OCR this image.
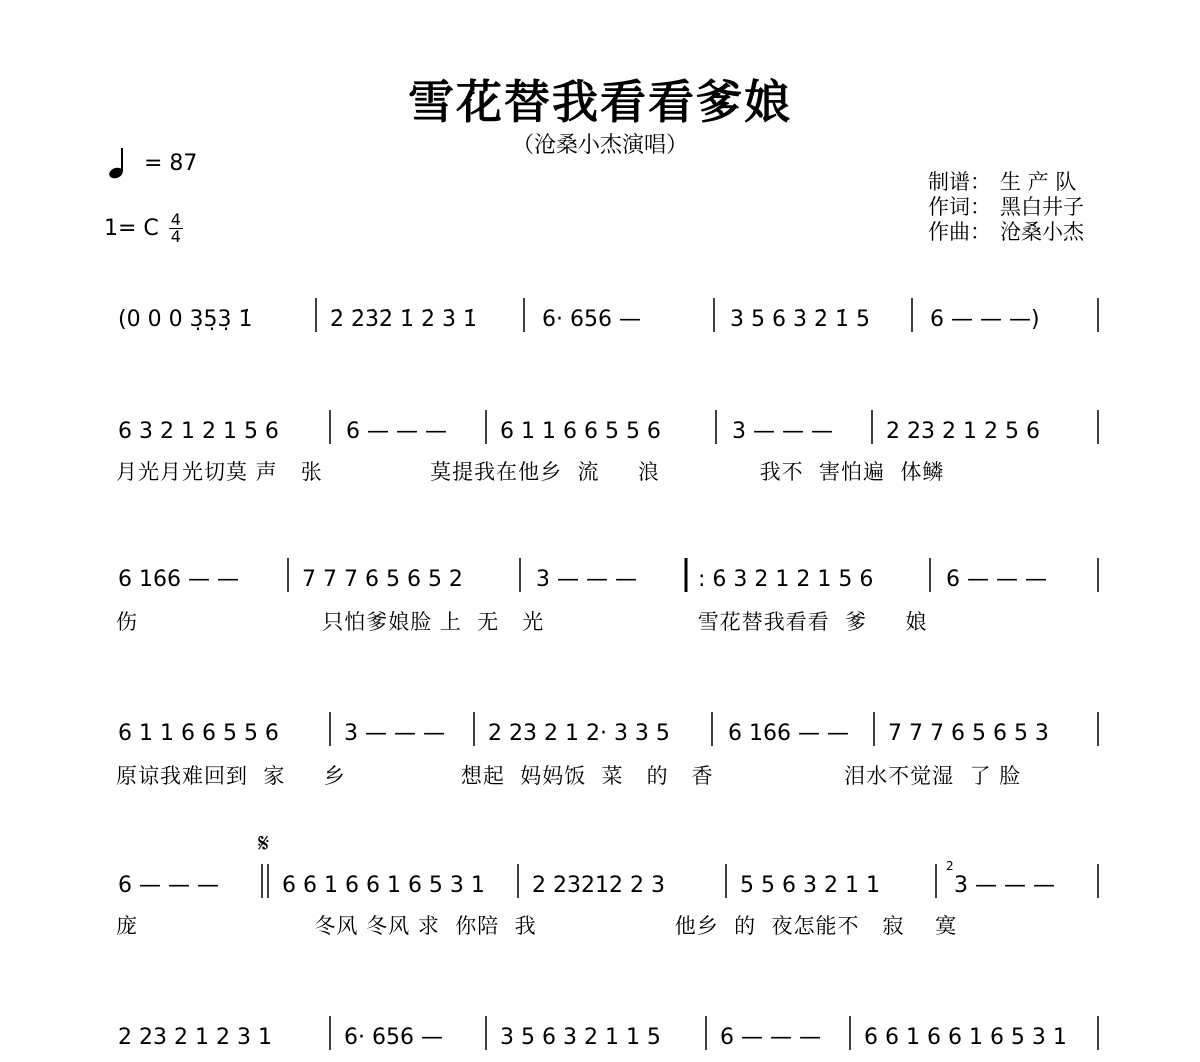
雪花替我看看爹娘
（沧桑小杰演唱）
= 87
1= C 4
4
制谱： 生 产 队
作词： 黑白井子
作曲： 沧桑小杰
(0 0 0 3̣5̣3̣ 1̇	2̇ 2̇3̇2̇ 1̇ 2̇ 3̇ 1̇	6· 656 —	3 5 6 3̇ 2̇ 1̇ 5	6 — — —)
6 3 2 1 2 1 5 6	6 — — — 6 1 1 6 6 5 5 6	3 — — — 2 23 2 1 2 5 6
6 166 — —	7 7 7 6 5 6 5 2	3 — — —	: 6 3 2 1 2 1 5 6	6 — — —
6 1 1 6 6 5 5 6	3 — — — 2 23 2 1 2· 3 3 5	6 166 — — 7 7 7 6 5 6 5 3
𝄋
6 — — —	6 6 1 6 6 1 6 5 3 1 2 23212 2 3	5 5 6 3 2 1 1
2
3 — — —
2 23 2 1 2 3 1	6· 656 —	3 5 6 3 2 1 1 5	6 — — — 6 6 1 6 6 1 6 5 3 1
月光月光切莫 声   张              莫提我在他乡  流     浪             我不  害怕遍  体鳞
伤                        只怕爹娘脸 上  无   光                    雪花替我看看  爹     娘
原谅我难回到  家     乡               想起  妈妈饭  菜   的   香                 泪水不觉湿  了 脸
庞                       冬风 冬风 求  你陪  我                  他乡  的  夜怎能不   寂    寞
